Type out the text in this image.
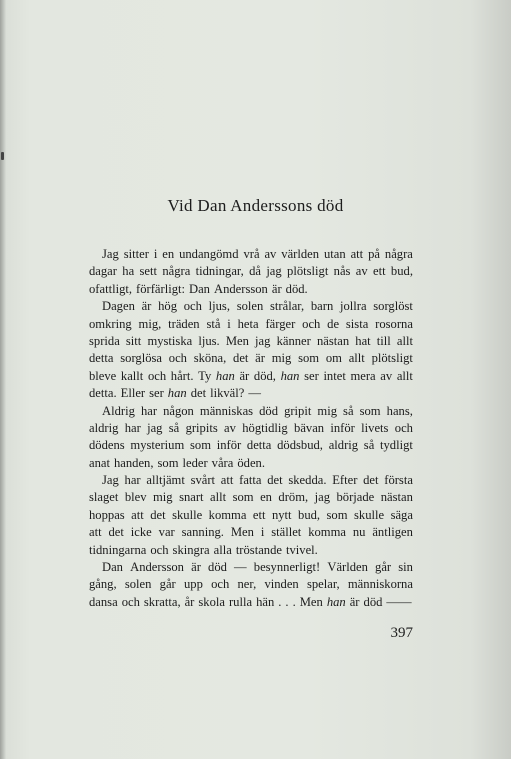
Vid Dan Anderssons död
Jag sitter i en undangömd vrå av världen utan att på några
dagar ha sett några tidningar, då jag plötsligt nås av ett bud,
ofattligt, förfärligt: Dan Andersson är död.
Dagen är hög och ljus, solen strålar, barn jollra sorglöst
omkring mig, träden stå i heta färger och de sista rosorna
sprida sitt mystiska ljus. Men jag känner nästan hat till allt
detta sorglösa och sköna, det är mig som om allt plötsligt
bleve kallt och hårt. Ty han är död, han ser intet mera av allt
detta. Eller ser han det likväl? —
Aldrig har någon människas död gripit mig så som hans,
aldrig har jag så gripits av högtidlig bävan inför livets och
dödens mysterium som inför detta dödsbud, aldrig så tydligt
anat handen, som leder våra öden.
Jag har alltjämt svårt att fatta det skedda. Efter det första
slaget blev mig snart allt som en dröm, jag började nästan
hoppas att det skulle komma ett nytt bud, som skulle säga
att det icke var sanning. Men i stället komma nu äntligen
tidningarna och skingra alla tröstande tvivel.
Dan Andersson är död — besynnerligt! Världen går sin
gång, solen går upp och ner, vinden spelar, människorna
dansa och skratta, år skola rulla hän . . . Men han är död ——
397
